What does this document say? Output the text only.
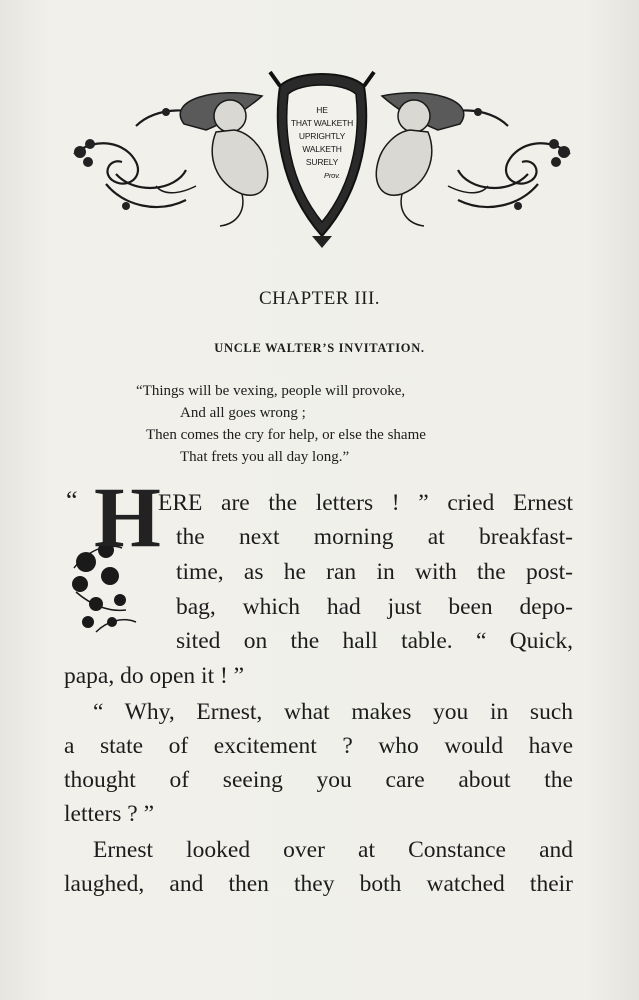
HE
THAT WALKETH
UPRIGHTLY
WALKETH
SURELY
Prov.
CHAPTER III.
UNCLE WALTER’S INVITATION.
“Things will be vexing, people will provoke,
And all goes wrong ;
Then comes the cry for help, or else the shame
That frets you all day long.”
“ H
ERE are the letters ! ” cried Ernest
the next morning at breakfast-
time, as he ran in with the post-
bag, which had just been depo-
sited on the hall table. “ Quick,
papa, do open it ! ”
“ Why, Ernest, what makes you in such
a state of excitement ? who would have
thought of seeing you care about the
letters ? ”
Ernest looked over at Constance and
laughed, and then they both watched their
